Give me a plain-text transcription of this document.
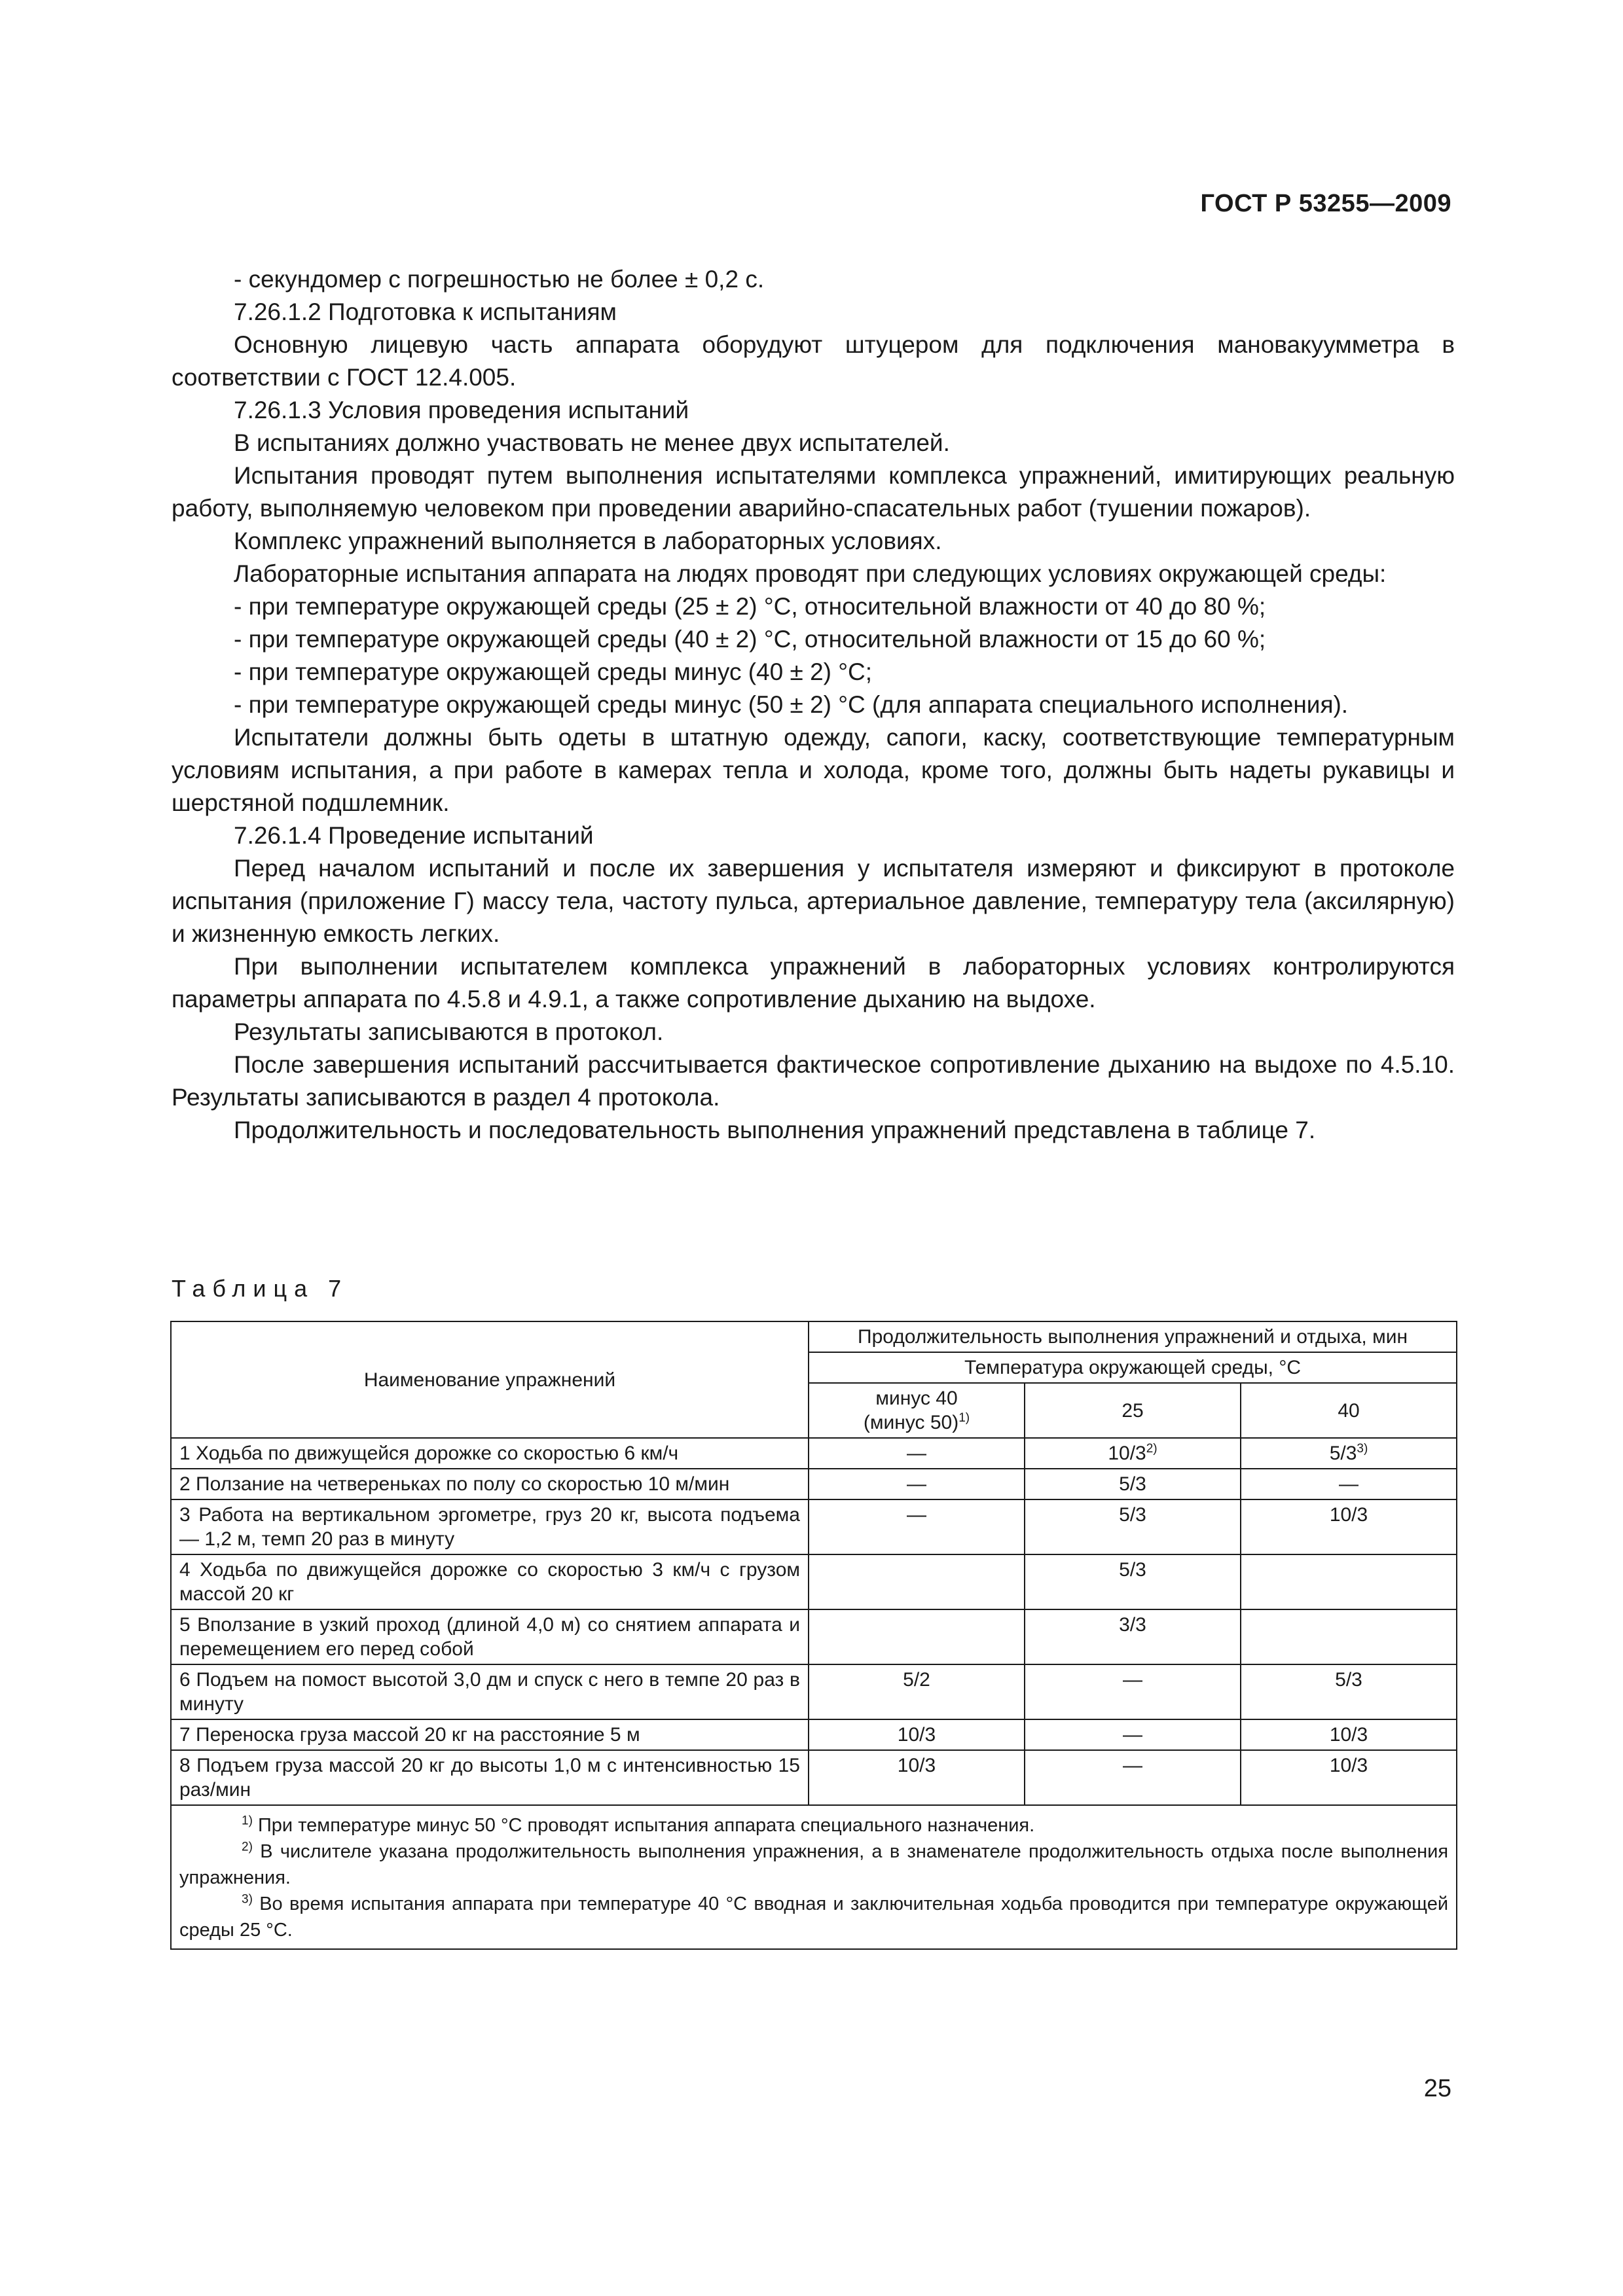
ГОСТ Р 53255—2009

- секундомер с погрешностью не более ± 0,2 с.

7.26.1.2 Подготовка к испытаниям

Основную лицевую часть аппарата оборудуют штуцером для подключения мановакуумметра в соответствии с ГОСТ 12.4.005.

7.26.1.3 Условия проведения испытаний

В испытаниях должно участвовать не менее двух испытателей.

Испытания проводят путем выполнения испытателями комплекса упражнений, имитирующих реальную работу, выполняемую человеком при проведении аварийно-спасательных работ (тушении пожаров).

Комплекс упражнений выполняется в лабораторных условиях.

Лабораторные испытания аппарата на людях проводят при следующих условиях окружающей среды:

- при температуре окружающей среды (25 ± 2) °С, относительной влажности от 40 до 80 %;

- при температуре окружающей среды (40 ± 2) °С, относительной влажности от 15 до 60 %;

- при температуре окружающей среды минус (40 ± 2) °С;

- при температуре окружающей среды минус (50 ± 2) °С (для аппарата специального исполнения).

Испытатели должны быть одеты в штатную одежду, сапоги, каску, соответствующие температурным условиям испытания, а при работе в камерах тепла и холода, кроме того, должны быть надеты рукавицы и шерстяной подшлемник.

7.26.1.4 Проведение испытаний

Перед началом испытаний и после их завершения у испытателя измеряют и фиксируют в протоколе испытания (приложение Г) массу тела, частоту пульса, артериальное давление, температуру тела (аксилярную) и жизненную емкость легких.

При выполнении испытателем комплекса упражнений в лабораторных условиях контролируются параметры аппарата по 4.5.8 и 4.9.1, а также сопротивление дыханию на выдохе.

Результаты записываются в протокол.

После завершения испытаний рассчитывается фактическое сопротивление дыханию на выдохе по 4.5.10. Результаты записываются в раздел 4 протокола.

Продолжительность и последовательность выполнения упражнений представлена в таблице 7.

Таблица 7
Наименование упражнений	Продолжительность выполнения упражнений и отдыха, мин		
	Температура окружающей среды, °С		
	минус 40
(минус 50)$^{1)}$	25	40
1 Ходьба по движущейся дорожке со скоростью 6 км/ч	—	10/3$^{2)}$	5/3$^{3)}$
2 Ползание на четвереньках по полу со скоростью 10 м/мин	—	5/3	—
3 Работа на вертикальном эргометре, груз 20 кг, высота подъема — 1,2 м, темп 20 раз в минуту	—	5/3	10/3
4 Ходьба по движущейся дорожке со скоростью 3 км/ч с грузом массой 20 кг		5/3	
5 Вползание в узкий проход (длиной 4,0 м) со снятием аппарата и перемещением его перед собой		3/3	
6 Подъем на помост высотой 3,0 дм и спуск с него в темпе 20 раз в минуту	5/2	—	5/3
7 Переноска груза массой 20 кг на расстояние 5 м	10/3	—	10/3
8 Подъем груза массой 20 кг до высоты 1,0 м с интенсивностью 15 раз/мин	10/3	—	10/3

$^{1)}$ При температуре минус 50 °С проводят испытания аппарата специального назначения.
$^{2)}$ В числителе указана продолжительность выполнения упражнения, а в знаменателе продолжительность отдыха после выполнения упражнения.
$^{3)}$ Во время испытания аппарата при температуре 40 °С вводная и заключительная ходьба проводится при температуре окружающей среды 25 °С.			
25
